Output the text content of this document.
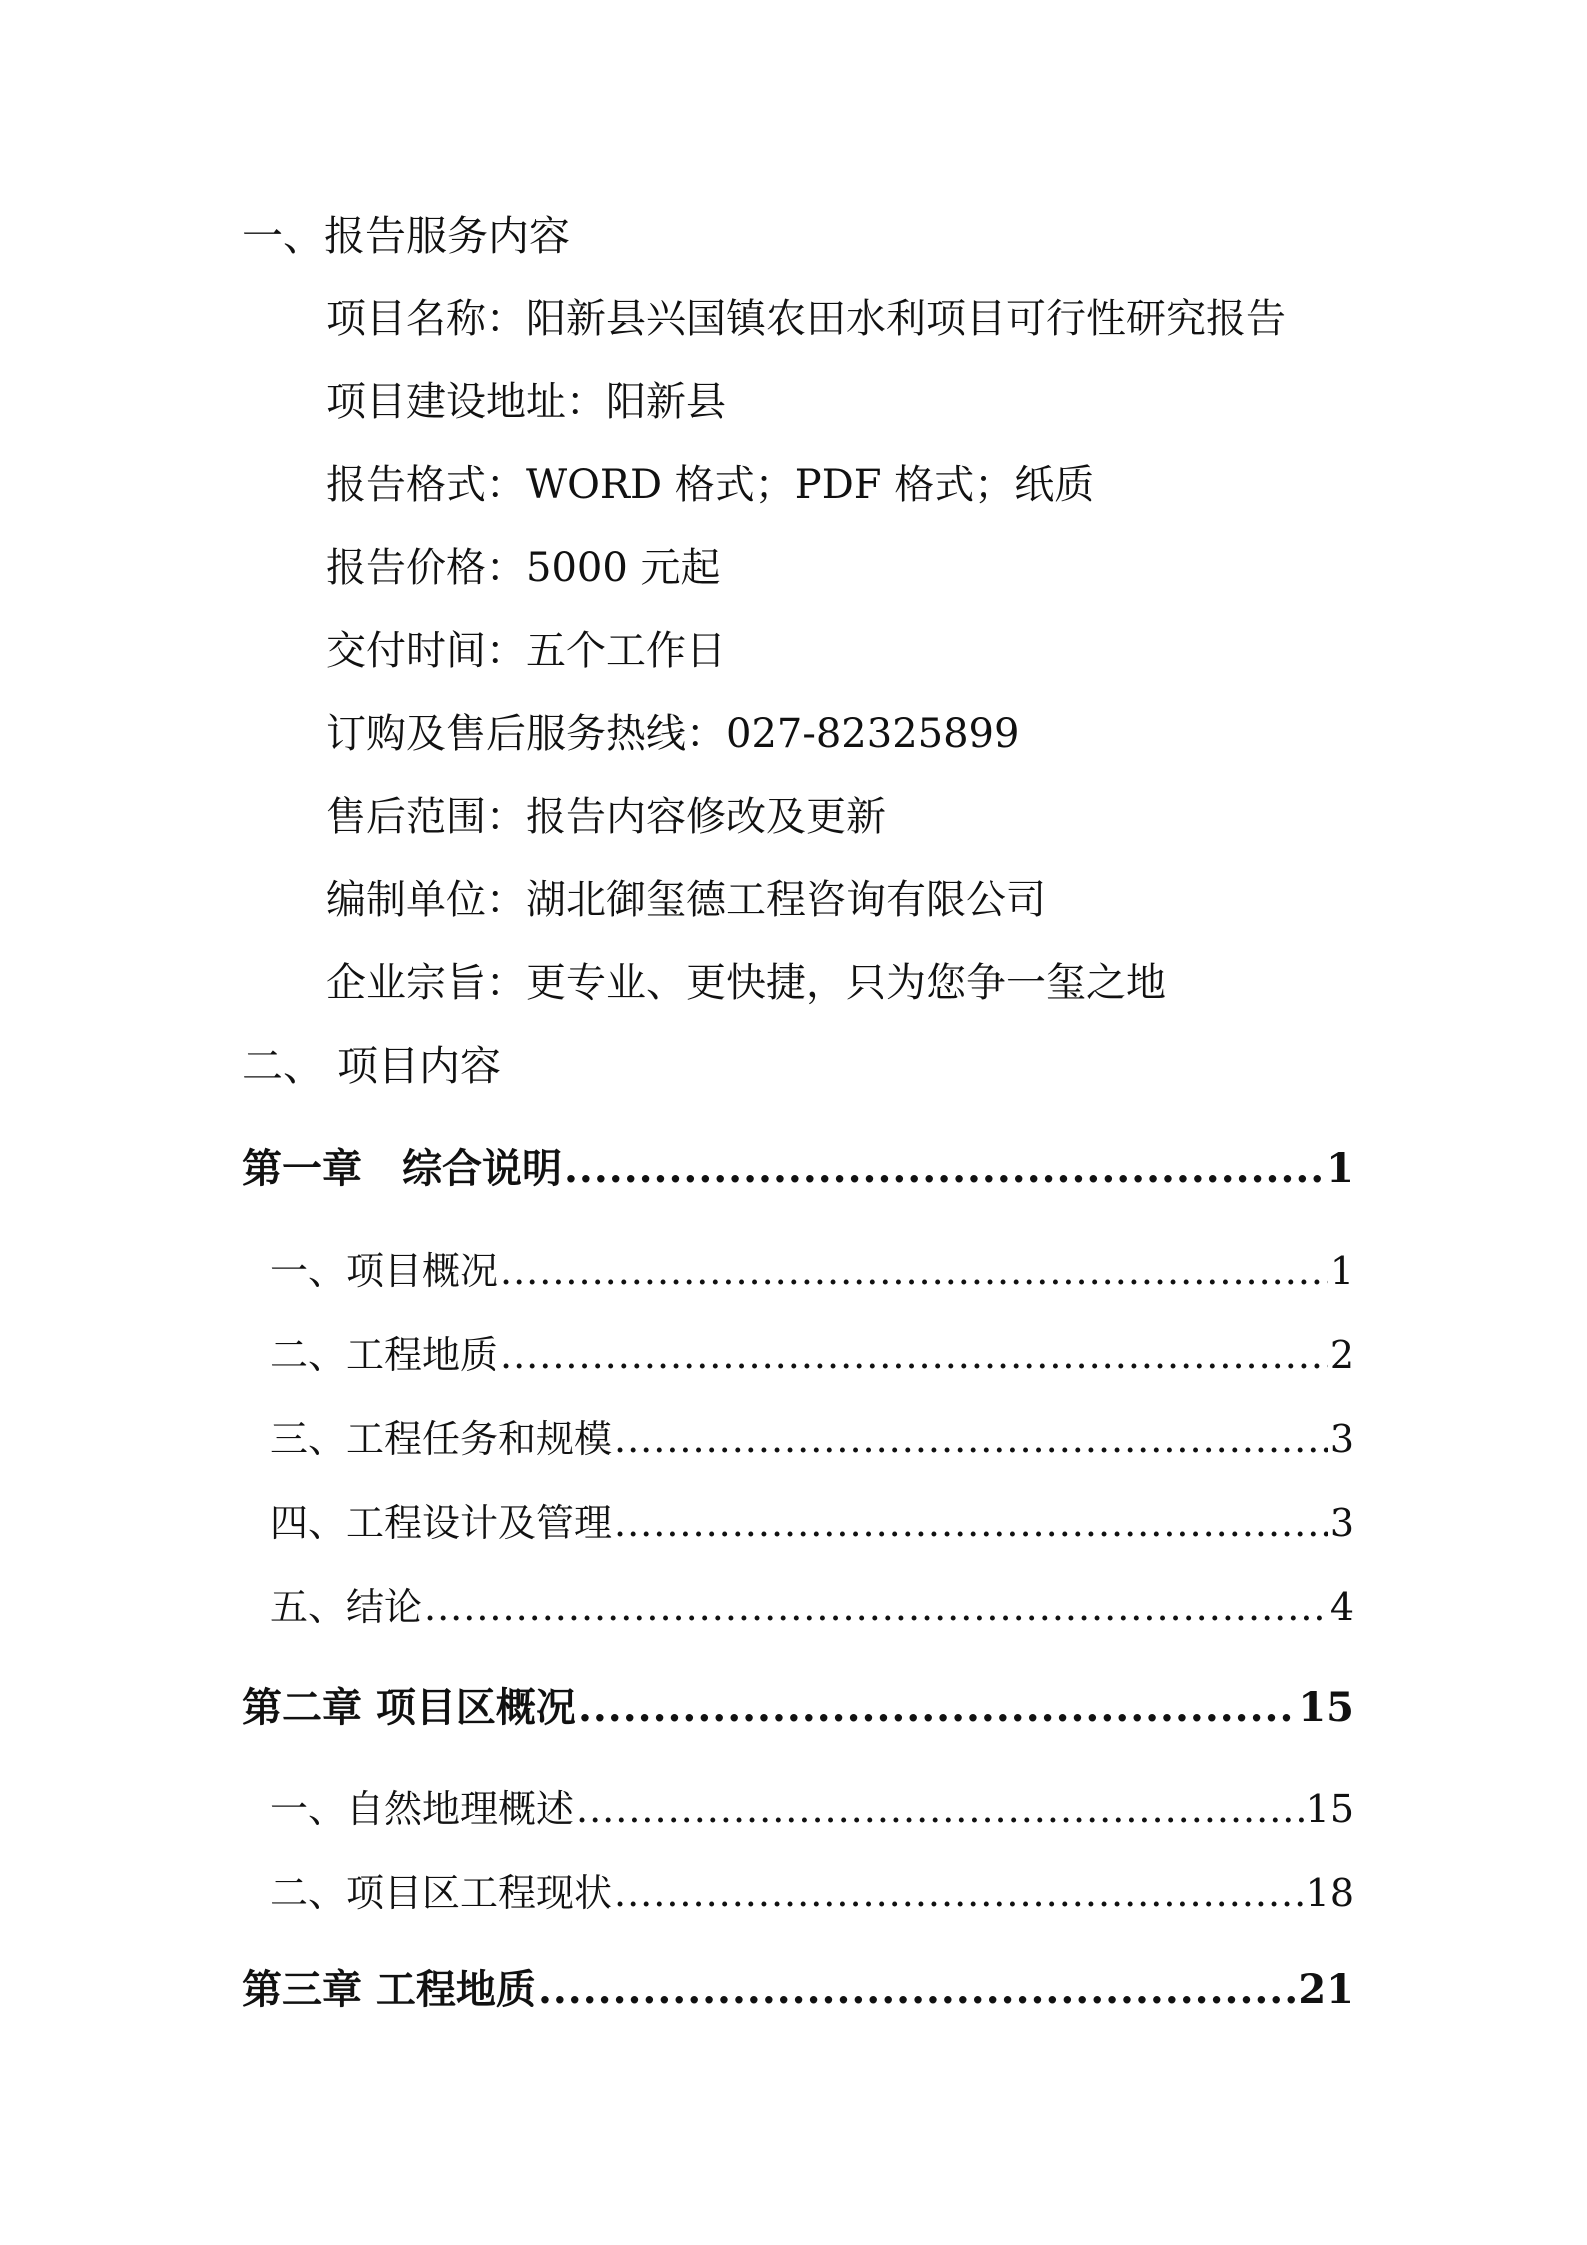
一、报告服务内容
项目名称：阳新县兴国镇农田水利项目可行性研究报告
项目建设地址：阳新县
报告格式：WORD 格式；PDF 格式；纸质
报告价格：5000 元起
交付时间：五个工作日
订购及售后服务热线：027-82325899
售后范围：报告内容修改及更新
编制单位：湖北御玺德工程咨询有限公司
企业宗旨：更专业、更快捷，只为您争一玺之地
二、 项目内容
第一章　综合说明 .....	1
一、项目概况 .....	1
二、工程地质 .....	2
三、工程任务和规模 .....	3
四、工程设计及管理 .....	3
五、结论 .....	4
第二章 项目区概况 .....	15
一、自然地理概述 .....	15
二、项目区工程现状 .....	18
第三章 工程地质 .....	21
